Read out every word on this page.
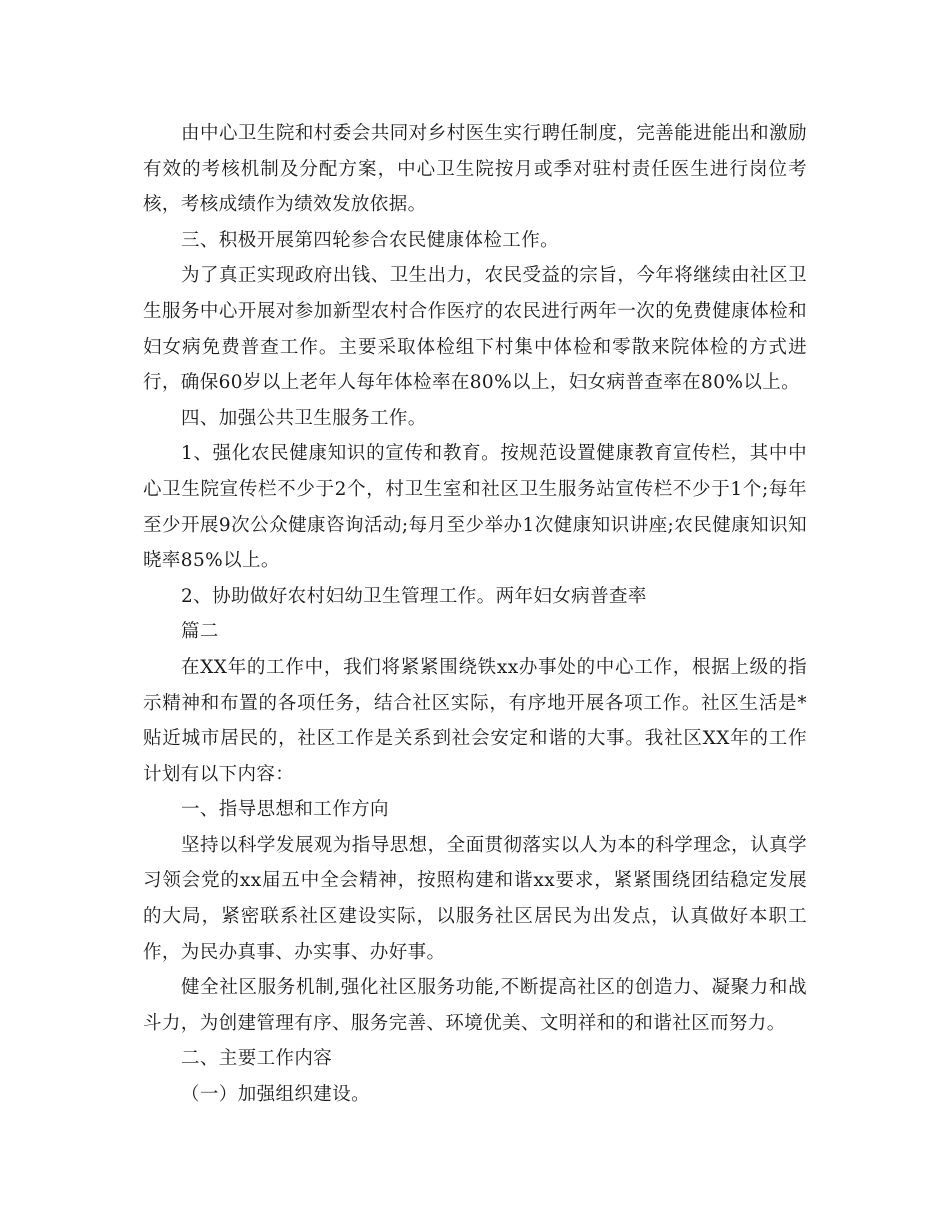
由中心卫生院和村委会共同对乡村医生实行聘任制度，完善能进能出和激励有效的考核机制及分配方案，中心卫生院按月或季对驻村责任医生进行岗位考核，考核成绩作为绩效发放依据。

三、积极开展第四轮参合农民健康体检工作。

为了真正实现政府出钱、卫生出力，农民受益的宗旨，今年将继续由社区卫生服务中心开展对参加新型农村合作医疗的农民进行两年一次的免费健康体检和妇女病免费普查工作。主要采取体检组下村集中体检和零散来院体检的方式进行，确保60岁以上老年人每年体检率在80%以上，妇女病普查率在80%以上。

四、加强公共卫生服务工作。

1、强化农民健康知识的宣传和教育。按规范设置健康教育宣传栏，其中中心卫生院宣传栏不少于2个，村卫生室和社区卫生服务站宣传栏不少于1个;每年至少开展9次公众健康咨询活动;每月至少举办1次健康知识讲座;农民健康知识知晓率85%以上。

2、协助做好农村妇幼卫生管理工作。两年妇女病普查率

篇二

在XX年的工作中，我们将紧紧围绕铁xx办事处的中心工作，根据上级的指示精神和布置的各项任务，结合社区实际，有序地开展各项工作。社区生活是*贴近城市居民的，社区工作是关系到社会安定和谐的大事。我社区XX年的工作计划有以下内容：

一、指导思想和工作方向

坚持以科学发展观为指导思想，全面贯彻落实以人为本的科学理念，认真学习领会党的xx届五中全会精神，按照构建和谐xx要求，紧紧围绕团结稳定发展的大局，紧密联系社区建设实际，以服务社区居民为出发点，认真做好本职工作，为民办真事、办实事、办好事。

健全社区服务机制,强化社区服务功能,不断提高社区的创造力、凝聚力和战斗力，为创建管理有序、服务完善、环境优美、文明祥和的和谐社区而努力。

二、主要工作内容

（一）加强组织建设。
